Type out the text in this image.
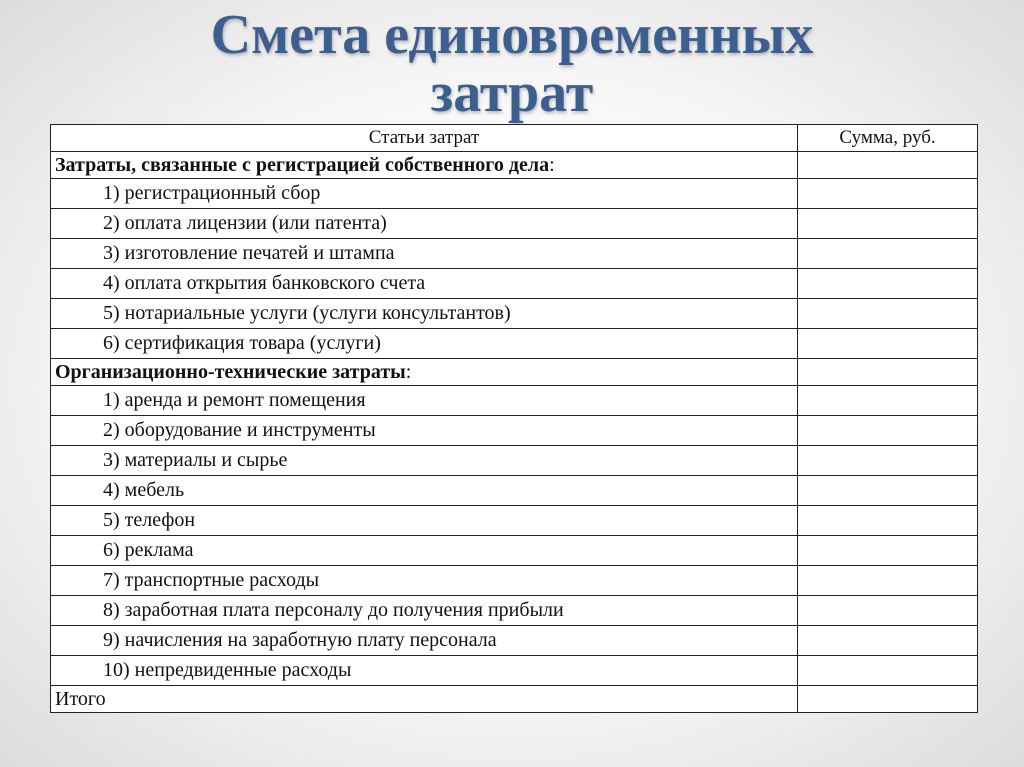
Смета единовременных
затрат
Статьи затрат	Сумма, руб.
Затраты, связанные с регистрацией собственного дела:	
1) регистрационный сбор	
2) оплата лицензии (или патента)	
3) изготовление печатей и штампа	
4) оплата открытия банковского счета	
5) нотариальные услуги (услуги консультантов)	
6) сертификация товара (услуги)	
Организационно-технические затраты:	
1) аренда и ремонт помещения	
2) оборудование и инструменты	
3) материалы и сырье	
4) мебель	
5) телефон	
6) реклама	
7) транспортные расходы	
8) заработная плата персоналу до получения прибыли	
9) начисления на заработную плату персонала	
10) непредвиденные расходы	
Итого	
